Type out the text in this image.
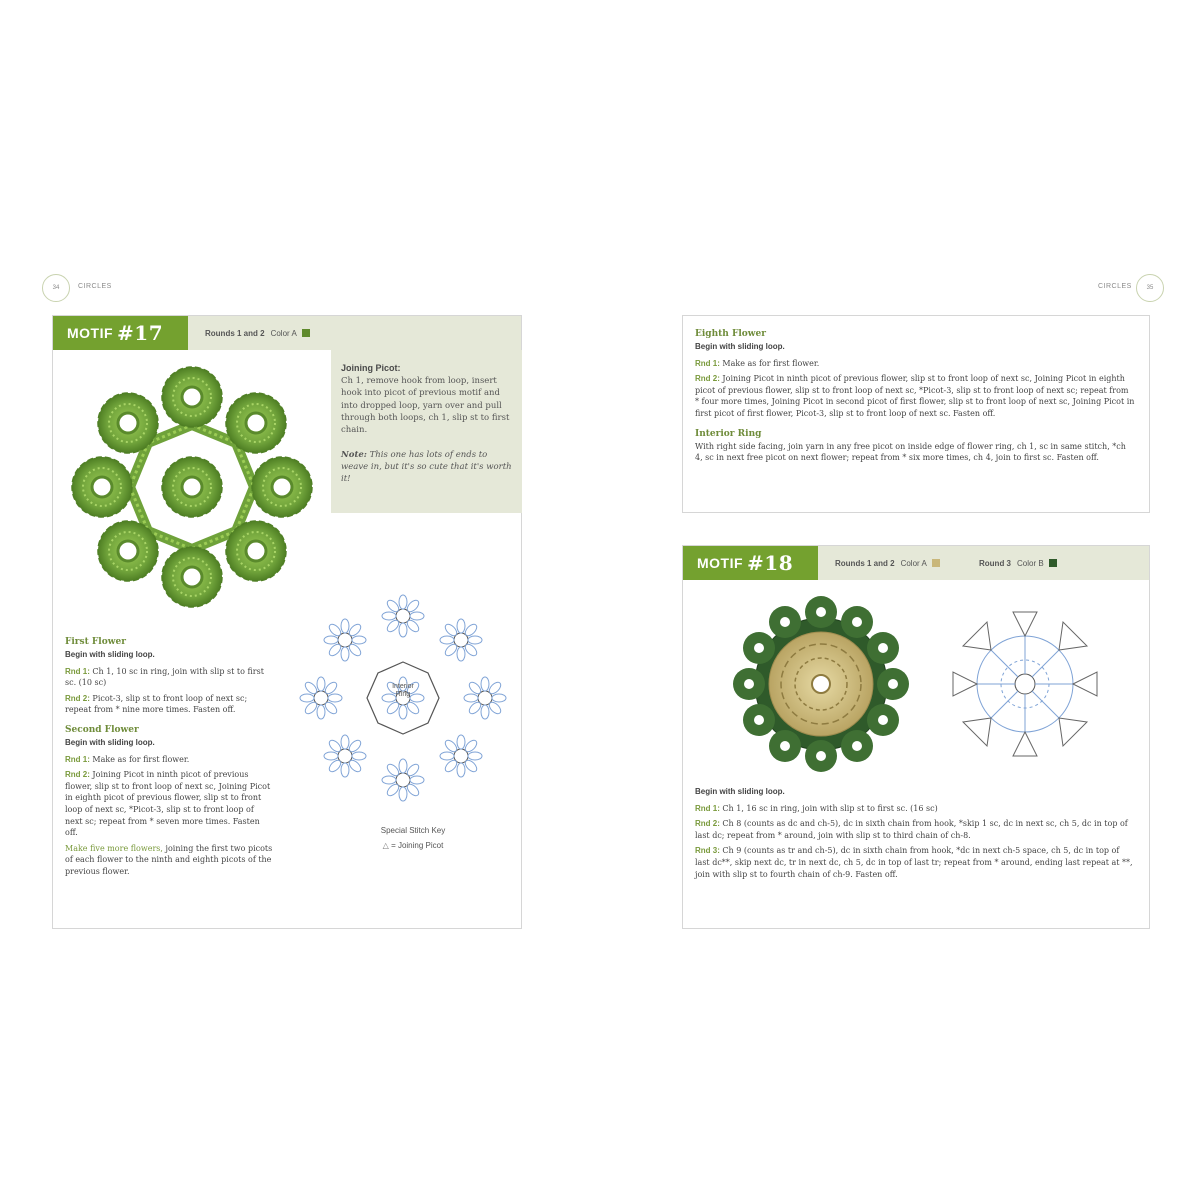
34	CIRCLES
MOTIF #17	Rounds 1 and 2 Color A
Joining Picot:
Ch 1, remove hook from loop, insert hook into picot of previous motif and into dropped loop, yarn over and pull through both loops, ch 1, slip st to first chain.
Note: This one has lots of ends to weave in, but it's so cute that it's worth it!
Interior
Ring
Special Stitch Key
△ = Joining Picot
First Flower
Begin with sliding loop.

Rnd 1: Ch 1, 10 sc in ring, join with slip st to first sc. (10 sc)

Rnd 2: Picot-3, slip st to front loop of next sc; repeat from * nine more times. Fasten off.

Second Flower
Begin with sliding loop.

Rnd 1: Make as for first flower.

Rnd 2: Joining Picot in ninth picot of previous flower, slip st to front loop of next sc, Joining Picot in eighth picot of previous flower, slip st to front loop of next sc, *Picot-3, slip st to front loop of next sc; repeat from * seven more times. Fasten off.

Make five more flowers, joining the first two picots of each flower to the ninth and eighth picots of the previous flower.

CIRCLES	35
Eighth Flower
Begin with sliding loop.

Rnd 1: Make as for first flower.

Rnd 2: Joining Picot in ninth picot of previous flower, slip st to front loop of next sc, Joining Picot in eighth picot of previous flower, slip st to front loop of next sc, *Picot-3, slip st to front loop of next sc; repeat from * four more times, Joining Picot in second picot of first flower, slip st to front loop of next sc, Joining Picot in first picot of first flower, Picot-3, slip st to front loop of next sc. Fasten off.

Interior Ring

With right side facing, join yarn in any free picot on inside edge of flower ring, ch 1, sc in same stitch, *ch 4, sc in next free picot on next flower; repeat from * six more times, ch 4, join to first sc. Fasten off.

MOTIF #18	Rounds 1 and 2 Color A	Round 3 Color B
Begin with sliding loop.

Rnd 1: Ch 1, 16 sc in ring, join with slip st to first sc. (16 sc)

Rnd 2: Ch 8 (counts as dc and ch-5), dc in sixth chain from hook, *skip 1 sc, dc in next sc, ch 5, dc in top of last dc; repeat from * around, join with slip st to third chain of ch-8.

Rnd 3: Ch 9 (counts as tr and ch-5), dc in sixth chain from hook, *dc in next ch-5 space, ch 5, dc in top of last dc**, skip next dc, tr in next dc, ch 5, dc in top of last tr; repeat from * around, ending last repeat at **, join with slip st to fourth chain of ch-9. Fasten off.
